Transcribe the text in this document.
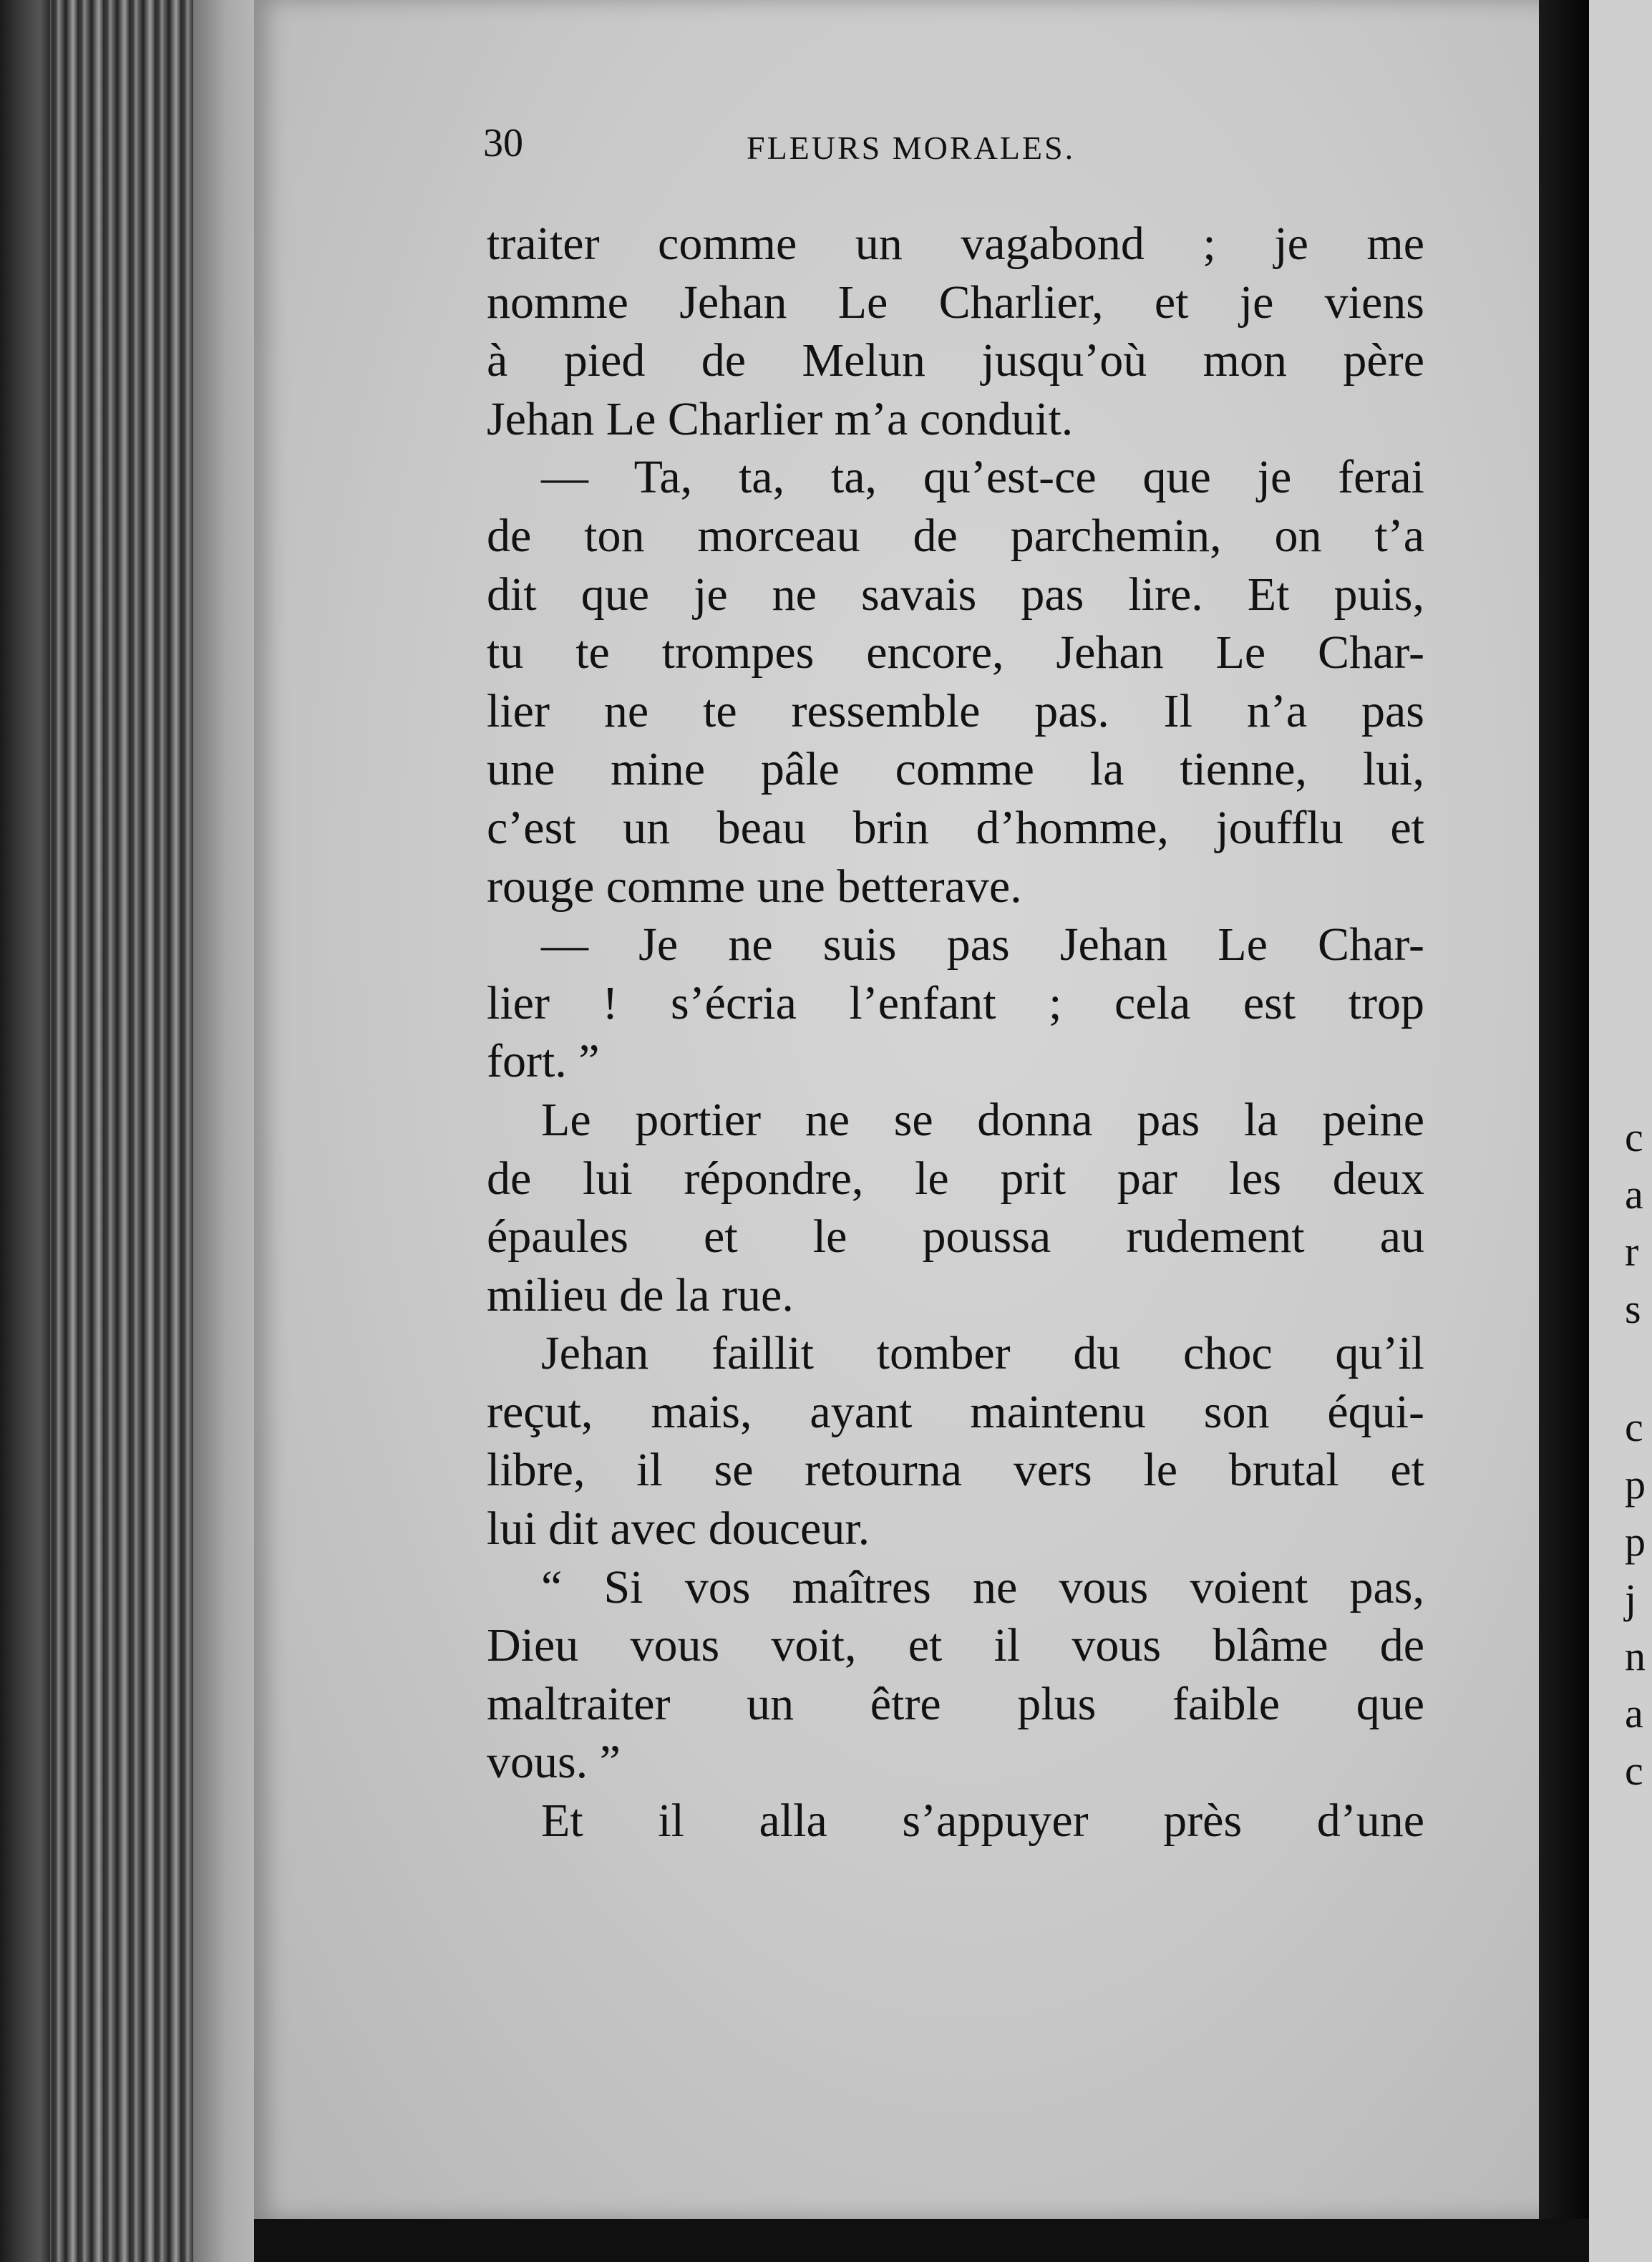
c
a
r
s
c
p
p
j
n
a
c
30	FLEURS MORALES.
traiter comme un vagabond ; je me
nomme Jehan Le Charlier, et je viens
à pied de Melun jusqu’où mon père
Jehan Le Charlier m’a conduit.
— Ta, ta, ta, qu’est-ce que je ferai
de ton morceau de parchemin, on t’a
dit que je ne savais pas lire. Et puis,
tu te trompes encore, Jehan Le Char-
lier ne te ressemble pas. Il n’a pas
une mine pâle comme la tienne, lui,
c’est un beau brin d’homme, joufflu et
rouge comme une betterave.
— Je ne suis pas Jehan Le Char-
lier ! s’écria l’enfant ; cela est trop
fort. ”
Le portier ne se donna pas la peine
de lui répondre, le prit par les deux
épaules et le poussa rudement au
milieu de la rue.
Jehan faillit tomber du choc qu’il
reçut, mais, ayant maintenu son équi-
libre, il se retourna vers le brutal et
lui dit avec douceur.
“ Si vos maîtres ne vous voient pas,
Dieu vous voit, et il vous blâme de
maltraiter un être plus faible que
vous. ”
Et il alla s’appuyer près d’une
